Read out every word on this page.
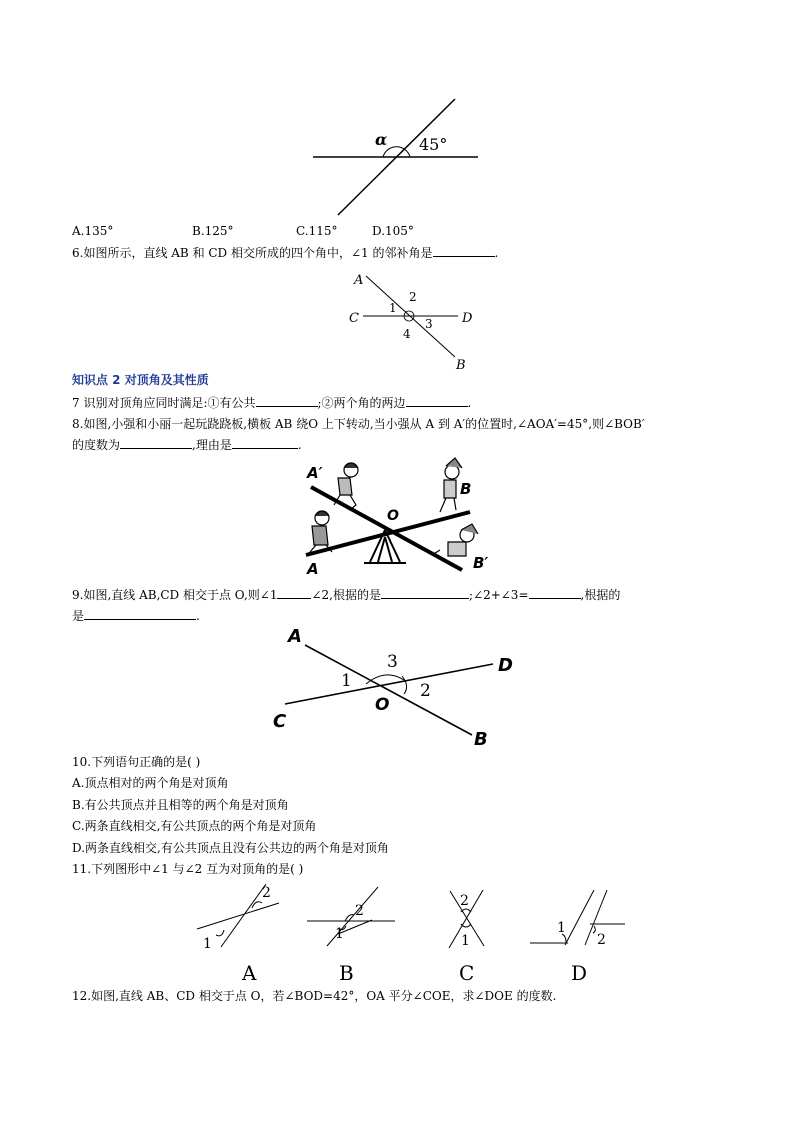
α 45°
A.135°	B.125°	C.115°	D.105°
6.如图所示，直线 AB 和 CD 相交所成的四个角中，∠1 的邻补角是	.
A
B
C	D
1
2
3
4
知识点 2 对顶角及其性质
7 识别对顶角应同时满足:①有公共	;②两个角的两边	.
8.如图,小强和小丽一起玩跷跷板,横板 AB 绕O 上下转动,当小强从 A 到 A′的位置时,∠AOA′=45°,则∠BOB′
的度数为	,理由是	.
A′
B
O
A	B′
9.如图,直线 AB,CD 相交于点 O,则∠1	∠2,根据的是	;∠2+∠3=	,根据的
是	.
A
B
C
D
O
1	2
3
10.下列语句正确的是( )
A.顶点相对的两个角是对顶角
B.有公共顶点并且相等的两个角是对顶角
C.两条直线相交,有公共顶点的两个角是对顶角
D.两条直线相交,有公共顶点且没有公共边的两个角是对顶角
11.下列图形中∠1 与∠2 互为对顶角的是( )
2
1
A
2
1
B
2
1
C
1
2
D
12.如图,直线 AB、CD 相交于点 O，若∠BOD=42°，OA 平分∠COE，求∠DOE 的度数.
